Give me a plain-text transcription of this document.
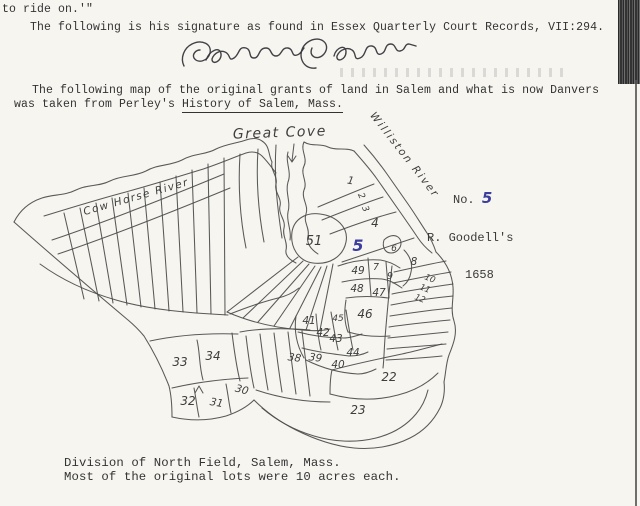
to ride on.'"
The following is his signature as found in Essex Quarterly Court Records, VII:294.
The following map of the original grants of land in Salem and what is now Danvers
was taken from Perley's History of Salem, Mass.
Great Cove
Cow Horse River	Williston River
1
2
3
4
5	6
7	8
9	10
11
12
22
23
30
31
32
33 34	38 39
40
41
42 43
44
45 46
47
48
49
51

No. 5

R. Goodell's

1658

Division of North Field, Salem, Mass.
Most of the original lots were 10 acres each.
